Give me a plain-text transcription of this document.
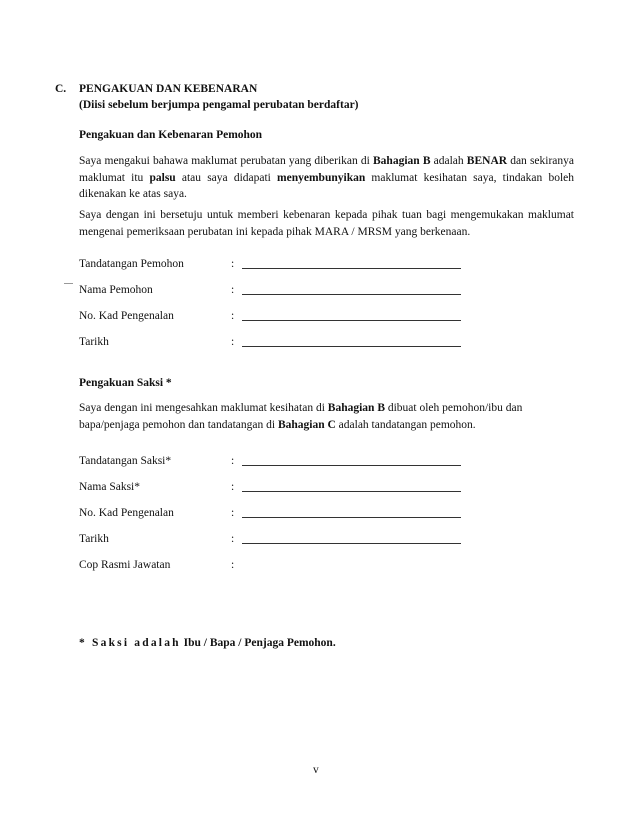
C. PENGAKUAN DAN KEBENARAN
(Diisi sebelum berjumpa pengamal perubatan berdaftar)
Pengakuan dan Kebenaran Pemohon
Saya mengakui bahawa maklumat perubatan yang diberikan di Bahagian B adalah BENAR dan sekiranya maklumat itu palsu atau saya didapati menyembunyikan maklumat kesihatan saya, tindakan boleh dikenakan ke atas saya.
Saya dengan ini bersetuju untuk memberi kebenaran kepada pihak tuan bagi mengemukakan maklumat mengenai pemeriksaan perubatan ini kepada pihak MARA / MRSM yang berkenaan.
Tandatangan Pemohon	:
Nama Pemohon	:
No. Kad Pengenalan	:
Tarikh	:
Pengakuan Saksi *
Saya dengan ini mengesahkan maklumat kesihatan di Bahagian B dibuat oleh pemohon/ibu dan bapa/penjaga pemohon dan tandatangan di Bahagian C adalah tandatangan pemohon.
Tandatangan Saksi*	:
Nama Saksi*	:
No. Kad Pengenalan	:
Tarikh	:
Cop Rasmi Jawatan	:
* Saksi adalah Ibu / Bapa / Penjaga Pemohon.
v
